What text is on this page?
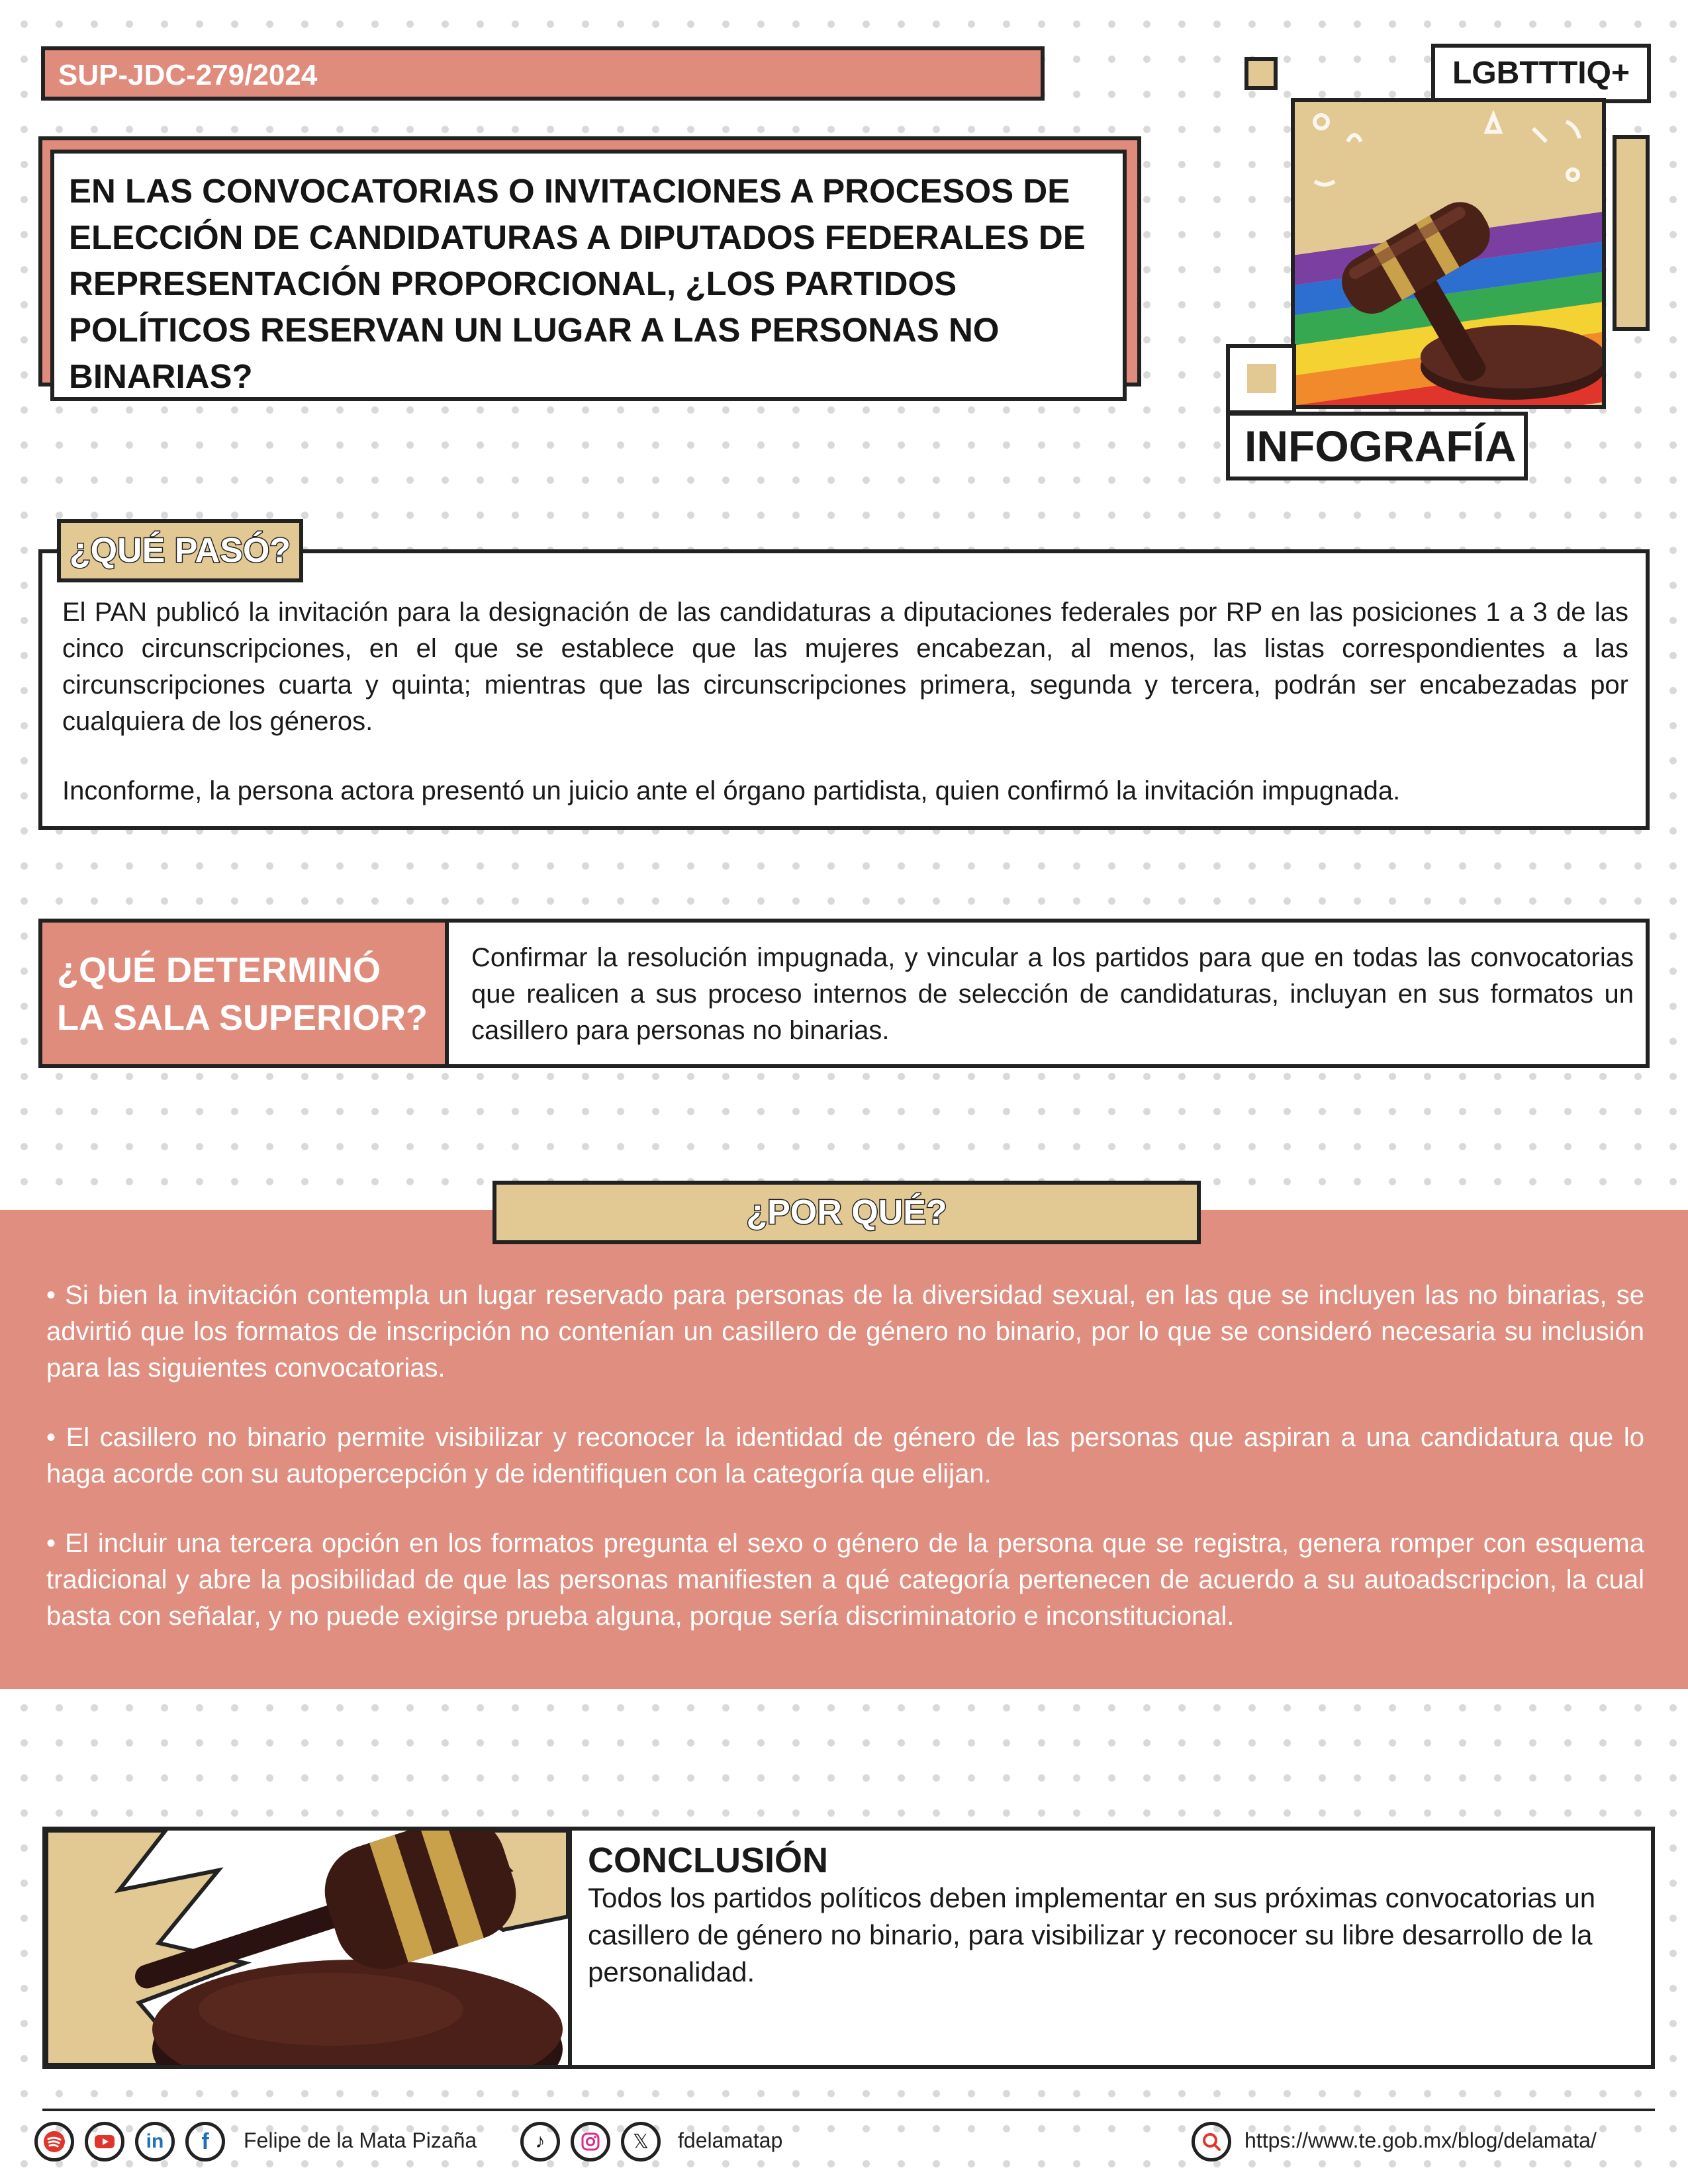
SUP-JDC-279/2024
EN LAS CONVOCATORIAS O INVITACIONES A PROCESOS DE ELECCIÓN DE CANDIDATURAS A DIPUTADOS FEDERALES DE REPRESENTACIÓN PROPORCIONAL, ¿LOS PARTIDOS POLÍTICOS RESERVAN UN LUGAR A LAS PERSONAS NO BINARIAS?
LGBTTTIQ+
INFOGRAFÍA

El PAN publicó la invitación para la designación de las candidaturas a diputaciones federales por RP en las posiciones 1 a 3 de las cinco circunscripciones, en el que se establece que las mujeres encabezan, al menos, las listas correspondientes a las circunscripciones cuarta y quinta; mientras que las circunscripciones primera, segunda y tercera, podrán ser encabezadas por cualquiera de los géneros.

Inconforme, la persona actora presentó un juicio ante el órgano partidista, quien confirmó la invitación impugnada.

¿QUÉ PASÓ?
¿QUÉ DETERMINÓ
LA SALA SUPERIOR?
Confirmar la resolución impugnada, y vincular a los partidos para que en todas las convocatorias que realicen a sus proceso internos de selección de candidaturas, incluyan en sus formatos un casillero para personas no binarias.
¿POR QUÉ?

• Si bien la invitación contempla un lugar reservado para personas de la diversidad sexual, en las que se incluyen las no binarias, se advirtió que los formatos de inscripción no contenían un casillero de género no binario, por lo que se consideró necesaria su inclusión para las siguientes convocatorias.

• El casillero no binario permite visibilizar y reconocer la identidad de género de las personas que aspiran a una candidatura que lo haga acorde con su autopercepción y de identifiquen con la categoría que elijan.

• El incluir una tercera opción en los formatos pregunta el sexo o género de la persona que se registra, genera romper con esquema tradicional y abre la posibilidad de que las personas manifiesten a qué categoría pertenecen de acuerdo a su autoadscripcion, la cual basta con señalar, y no puede exigirse prueba alguna, porque sería discriminatorio e inconstitucional.

CONCLUSIÓN
Todos los partidos políticos deben implementar en sus próximas convocatorias un casillero de género no binario, para visibilizar y reconocer su libre desarrollo de la personalidad.
in	f	Felipe de la Mata Pizaña	♪	𝕏	fdelamatap	https://www.te.gob.mx/blog/delamata/
